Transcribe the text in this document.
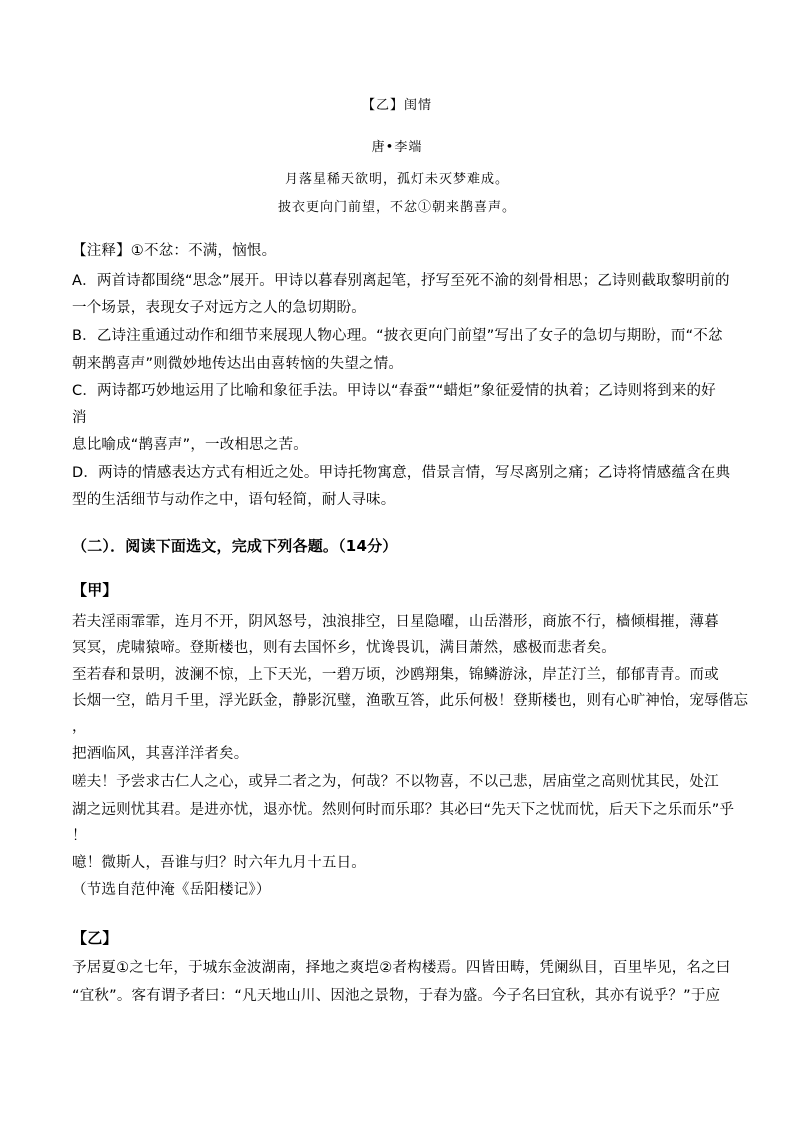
【乙】闺情
唐•李端
月落星稀天欲明，孤灯未灭梦难成。
披衣更向门前望，不忿①朝来鹊喜声。
【注释】①不忿：不满，恼恨。
A．两首诗都围绕“思念”展开。甲诗以暮春别离起笔，抒写至死不渝的刻骨相思；乙诗则截取黎明前的
一个场景，表现女子对远方之人的急切期盼。
B．乙诗注重通过动作和细节来展现人物心理。“披衣更向门前望”写出了女子的急切与期盼，而“不忿
朝来鹊喜声”则微妙地传达出由喜转恼的失望之情。
C．两诗都巧妙地运用了比喻和象征手法。甲诗以“春蚕”“蜡炬”象征爱情的执着；乙诗则将到来的好
消
息比喻成“鹊喜声”，一改相思之苦。
D．两诗的情感表达方式有相近之处。甲诗托物寓意，借景言情，写尽离别之痛；乙诗将情感蕴含在典
型的生活细节与动作之中，语句轻简，耐人寻味。
（二）．阅读下面选文，完成下列各题。（14分）
【甲】
若夫淫雨霏霏，连月不开，阴风怒号，浊浪排空，日星隐曜，山岳潜形，商旅不行，樯倾楫摧，薄暮
冥冥，虎啸猿啼。登斯楼也，则有去国怀乡，忧谗畏讥，满目萧然，感极而悲者矣。
至若春和景明，波澜不惊，上下天光，一碧万顷，沙鸥翔集，锦鳞游泳，岸芷汀兰，郁郁青青。而或
长烟一空，皓月千里，浮光跃金，静影沉璧，渔歌互答，此乐何极！登斯楼也，则有心旷神怡，宠辱偕忘
，
把酒临风，其喜洋洋者矣。
嗟夫！予尝求古仁人之心，或异二者之为，何哉？不以物喜，不以己悲，居庙堂之高则忧其民，处江
湖之远则忧其君。是进亦忧，退亦忧。然则何时而乐耶？其必曰“先天下之忧而忧，后天下之乐而乐”乎
！
噫！微斯人，吾谁与归？时六年九月十五日。
（节选自范仲淹《岳阳楼记》）
【乙】
予居夏①之七年，于城东金波湖南，择地之爽垲②者构楼焉。四皆田畴，凭阑纵目，百里毕见，名之曰
“宜秋”。客有谓予者曰：“凡天地山川、因池之景物，于春为盛。今子名曰宜秋，其亦有说乎？”于应
